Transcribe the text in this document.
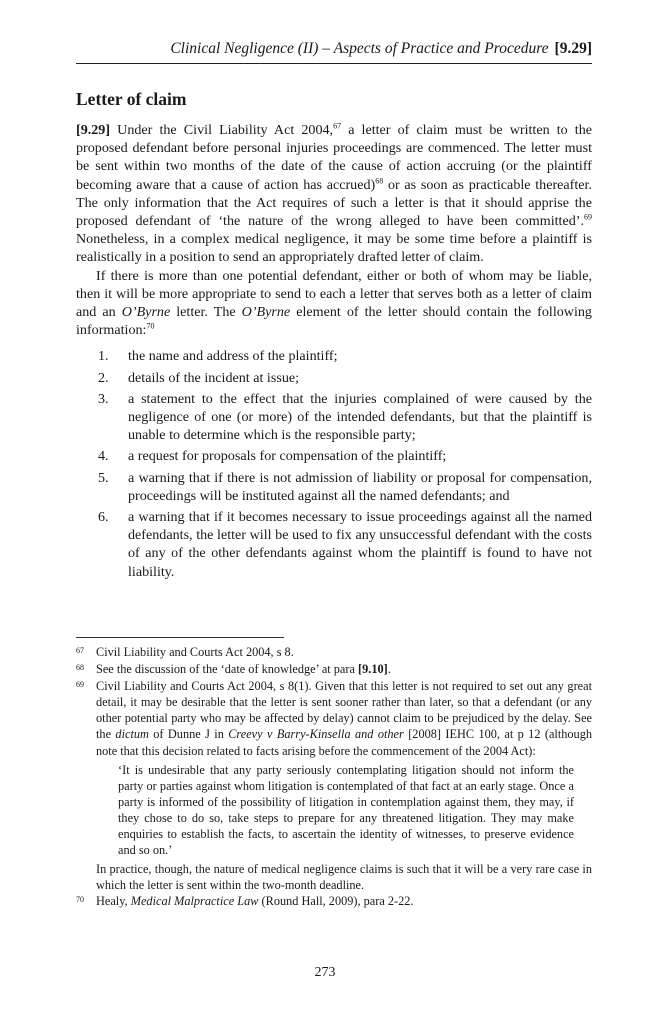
Clinical Negligence (II) – Aspects of Practice and Procedure [9.29]
Letter of claim

[9.29] Under the Civil Liability Act 2004,67 a letter of claim must be written to the proposed defendant before personal injuries proceedings are commenced. The letter must be sent within two months of the date of the cause of action accruing (or the plaintiff becoming aware that a cause of action has accrued)$^{68}$ or as soon as practicable thereafter. The only information that the Act requires of such a letter is that it should apprise the proposed defendant of ‘the nature of the wrong alleged to have been committed’.$^{69}$ Nonetheless, in a complex medical negligence, it may be some time before a plaintiff is realistically in a position to send an appropriately drafted letter of claim.

If there is more than one potential defendant, either or both of whom may be liable, then it will be more appropriate to send to each a letter that serves both as a letter of claim and an O’Byrne letter. The O’Byrne element of the letter should contain the following information:$^{70}$

1. the name and address of the plaintiff;
2. details of the incident at issue;
3. a statement to the effect that the injuries complained of were caused by the negligence of one (or more) of the intended defendants, but that the plaintiff is unable to determine which is the responsible party;
4. a request for proposals for compensation of the plaintiff;
5. a warning that if there is not admission of liability or proposal for compensation, proceedings will be instituted against all the named defendants; and
6. a warning that if it becomes necessary to issue proceedings against all the named defendants, the letter will be used to fix any unsuccessful defendant with the costs of any of the other defendants against whom the plaintiff is found to have not liability.
67 Civil Liability and Courts Act 2004, s 8.
68 See the discussion of the ‘date of knowledge’ at para [9.10].
69 Civil Liability and Courts Act 2004, s 8(1). Given that this letter is not required to set out any great detail, it may be desirable that the letter is sent sooner rather than later, so that a defendant (or any other potential party who may be affected by delay) cannot claim to be prejudiced by the delay. See the dictum of Dunne J in Creevy v Barry-Kinsella and other [2008] IEHC 100, at p 12 (although note that this decision related to facts arising before the commencement of the 2004 Act):
‘It is undesirable that any party seriously contemplating litigation should not inform the party or parties against whom litigation is contemplated of that fact at an early stage. Once a party is informed of the possibility of litigation in contemplation against them, they may, if they chose to do so, take steps to prepare for any threatened litigation. They may make enquiries to establish the facts, to ascertain the identity of witnesses, to preserve evidence and so on.’
In practice, though, the nature of medical negligence claims is such that it will be a very rare case in which the letter is sent within the two-month deadline.
70 Healy, Medical Malpractice Law (Round Hall, 2009), para 2-22.
273
